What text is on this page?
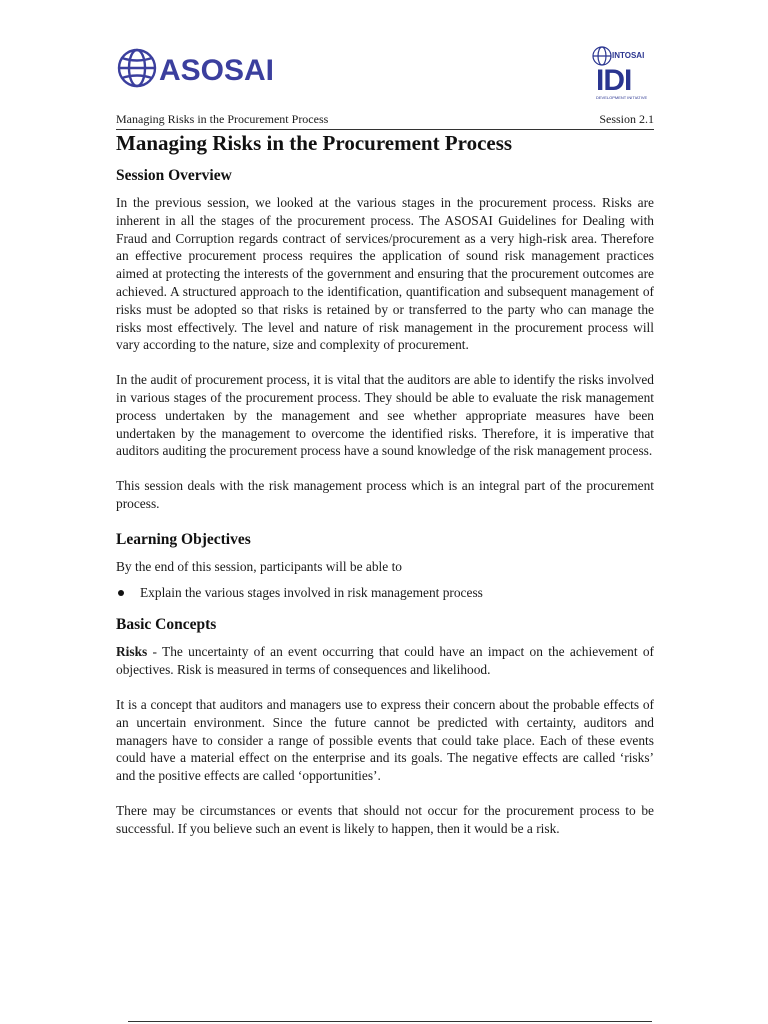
ASOSAI	INTOSAI
IDI
DEVELOPMENT INITIATIVE
Managing Risks in the Procurement Process	Session 2.1
Managing Risks in the Procurement Process
Session Overview

In the previous session, we looked at the various stages in the procurement process. Risks are inherent in all the stages of the procurement process. The ASOSAI Guidelines for Dealing with Fraud and Corruption regards contract of services/procurement as a very high-risk area. Therefore an effective procurement process requires the application of sound risk management practices aimed at protecting the interests of the government and ensuring that the procurement outcomes are achieved. A structured approach to the identification, quantification and subsequent management of risks must be adopted so that risks is retained by or transferred to the party who can manage the risks most effectively. The level and nature of risk management in the procurement process will vary according to the nature, size and complexity of procurement.

In the audit of procurement process, it is vital that the auditors are able to identify the risks involved in various stages of the procurement process. They should be able to evaluate the risk management process undertaken by the management and see whether appropriate measures have been undertaken by the management to overcome the identified risks. Therefore, it is imperative that auditors auditing the procurement process have a sound knowledge of the risk management process.

This session deals with the risk management process which is an integral part of the procurement process.

Learning Objectives

By the end of this session, participants will be able to

Explain the various stages involved in risk management process
Basic Concepts

Risks - The uncertainty of an event occurring that could have an impact on the achievement of objectives. Risk is measured in terms of consequences and likelihood.

It is a concept that auditors and managers use to express their concern about the probable effects of an uncertain environment. Since the future cannot be predicted with certainty, auditors and managers have to consider a range of possible events that could take place. Each of these events could have a material effect on the enterprise and its goals. The negative effects are called ‘risks’ and the positive effects are called ‘opportunities’.

There may be circumstances or events that should not occur for the procurement process to be successful. If you believe such an event is likely to happen, then it would be a risk.
